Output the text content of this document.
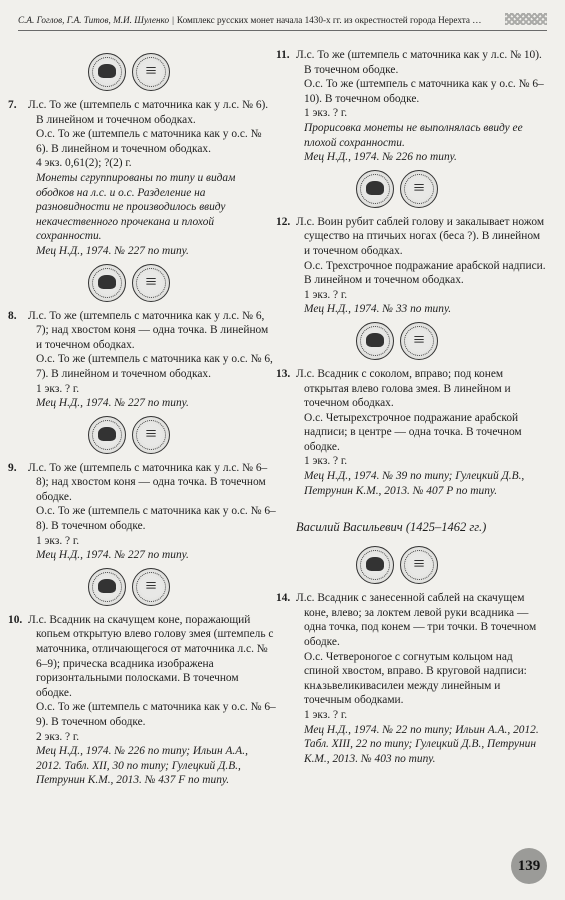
С.А. Гоглов, Г.А. Титов, М.И. Шуленко | Комплекс русских монет начала 1430-х гг. из окрестностей города Нерехта …
≡

7. Л.с. То же (штемпель с маточника как у л.с. № 6). В линейном и точечном ободках.

О.с. То же (штемпель с маточника как у о.с. № 6). В линейном и точечном ободках.

4 экз. 0,61(2); ?(2) г.

Монеты сгруппированы по типу и видам ободков на л.с. и о.с. Разделение на разновидности не производилось ввиду некачественного прочекана и плохой сохранности.

Мец Н.Д., 1974. № 227 по типу.

≡

8. Л.с. То же (штемпель с маточника как у л.с. № 6, 7); над хвостом коня — одна точка. В линейном и точечном ободках.

О.с. То же (штемпель с маточника как у о.с. № 6, 7). В линейном и точечном ободках.

1 экз. ? г.

Мец Н.Д., 1974. № 227 по типу.

≡

9. Л.с. То же (штемпель с маточника как у л.с. № 6–8); над хвостом коня — одна точка. В точечном ободке.

О.с. То же (штемпель с маточника как у о.с. № 6–8). В точечном ободке.

1 экз. ? г.

Мец Н.Д., 1974. № 227 по типу.

≡

10. Л.с. Всадник на скачущем коне, поражающий копьем открытую влево голову змея (штемпель с маточника, отличающегося от маточника л.с. № 6–9); прическа всадника изображена горизонтальными полосками. В точечном ободке.

О.с. То же (штемпель с маточника как у о.с. № 6–9). В точечном ободке.

2 экз. ? г.

Мец Н.Д., 1974. № 226 по типу; Ильин А.А., 2012. Табл. XII, 30 по типу; Гулецкий Д.В., Петрунин К.М., 2013. № 437 F по типу.

11. Л.с. То же (штемпель с маточника как у л.с. № 10). В точечном ободке.

О.с. То же (штемпель с маточника как у о.с. № 6–10). В точечном ободке.

1 экз. ? г.

Прорисовка монеты не выполнялась ввиду ее плохой сохранности.

Мец Н.Д., 1974. № 226 по типу.

≡

12. Л.с. Воин рубит саблей голову и закалывает ножом существо на птичьих ногах (беса ?). В линейном и точечном ободках.

О.с. Трехстрочное подражание арабской надписи. В линейном и точечном ободках.

1 экз. ? г.

Мец Н.Д., 1974. № 33 по типу.

≡

13. Л.с. Всадник с соколом, вправо; под конем открытая влево голова змея. В линейном и точечном ободках.

О.с. Четырехстрочное подражание арабской надписи; в центре — одна точка. В точечном ободке.

1 экз. ? г.

Мец Н.Д., 1974. № 39 по типу; Гулецкий Д.В., Петрунин К.М., 2013. № 407 Р по типу.

Василий Васильевич (1425–1462 гг.)
≡

14. Л.с. Всадник с занесенной саблей на скачущем коне, влево; за локтем левой руки всадника — одна точка, под конем — три точки. В точечном ободке.

О.с. Четвероногое с согнутым кольцом над спиной хвостом, вправо. В круговой надписи: кнѧзьвеликивасилеи между линейным и точечным ободками.

1 экз. ? г.

Мец Н.Д., 1974. № 22 по типу; Ильин А.А., 2012. Табл. XIII, 22 по типу; Гулецкий Д.В., Петрунин К.М., 2013. № 403 по типу.

139
